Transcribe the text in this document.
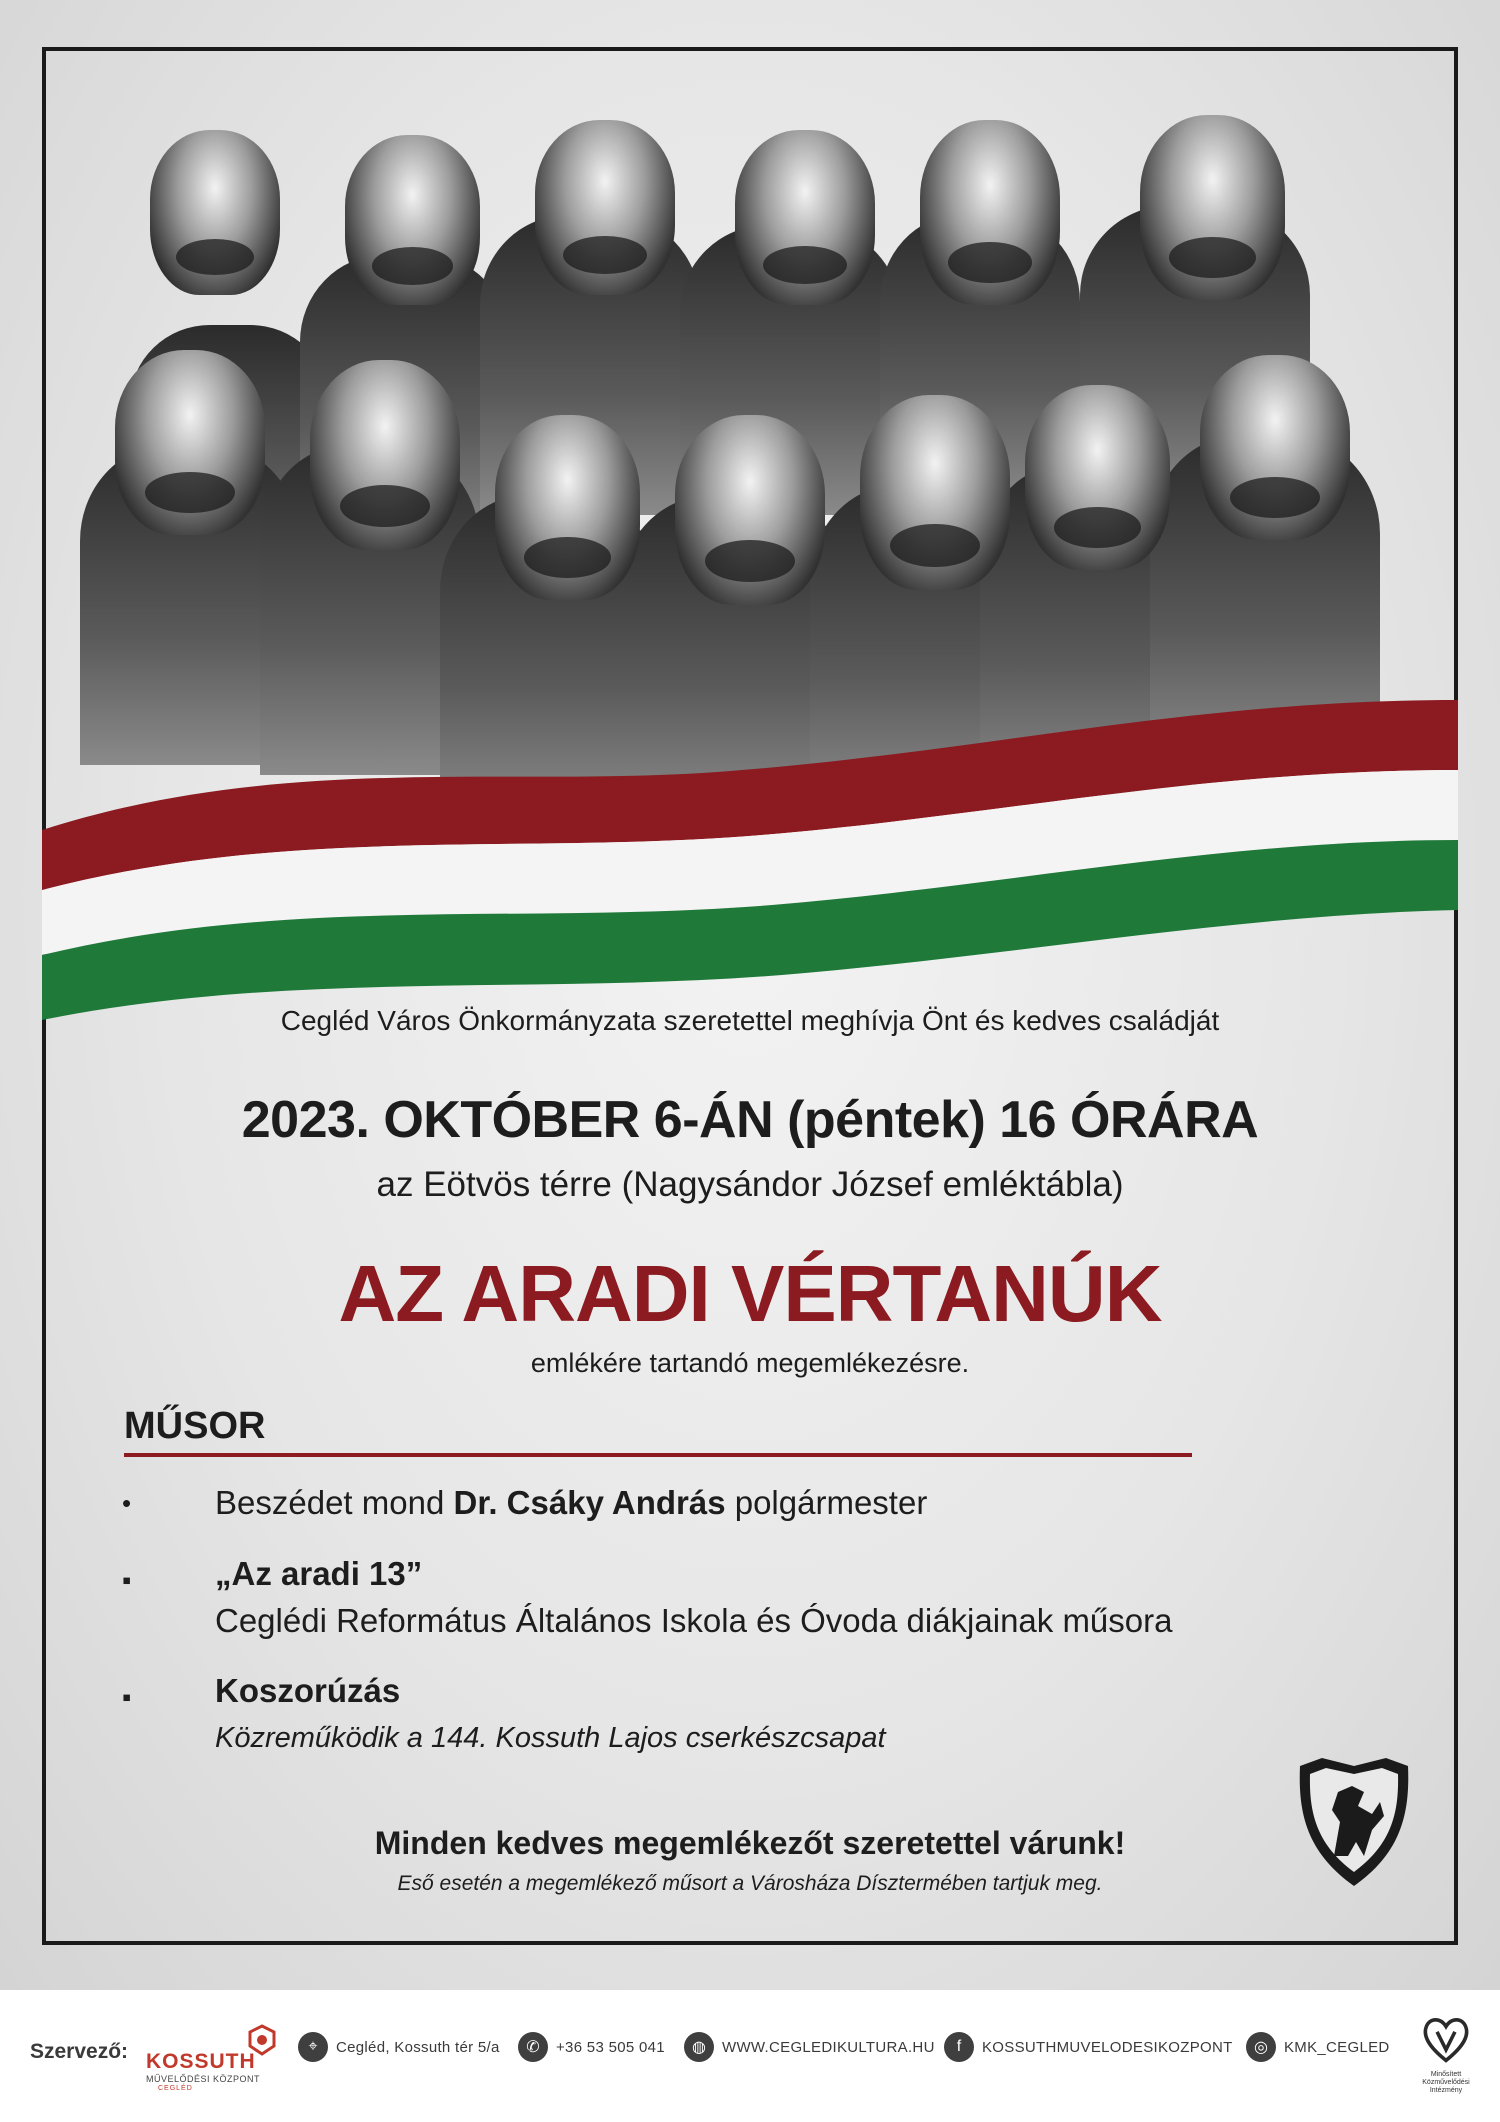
Cegléd Város Önkormányzata szeretettel meghívja Önt és kedves családját
2023. OKTÓBER 6-ÁN (péntek) 16 ÓRÁRA
az Eötvös térre (Nagysándor József emléktábla)
AZ ARADI VÉRTANÚK
emlékére tartandó megemlékezésre.
MŰSOR
•	Beszédet mond Dr. Csáky András polgármester
▪	„Az aradi 13”
Ceglédi Református Általános Iskola és Óvoda diákjainak műsora
▪	Koszorúzás
Közreműködik a 144. Kossuth Lajos cserkészcsapat
Minden kedves megemlékezőt szeretettel várunk!
Eső esetén a megemlékező műsort a Városháza Dísztermében tartjuk meg.
Szervező: KOSSUTH
MŰVELŐDÉSI KÖZPONT
CEGLÉD
⌖	Cegléd, Kossuth tér 5/a	✆	+36 53 505 041	◍	WWW.CEGLEDIKULTURA.HU	f	KOSSUTHMUVELODESIKOZPONT	◎	KMK_CEGLED
Minősített Közművelődési Intézmény
